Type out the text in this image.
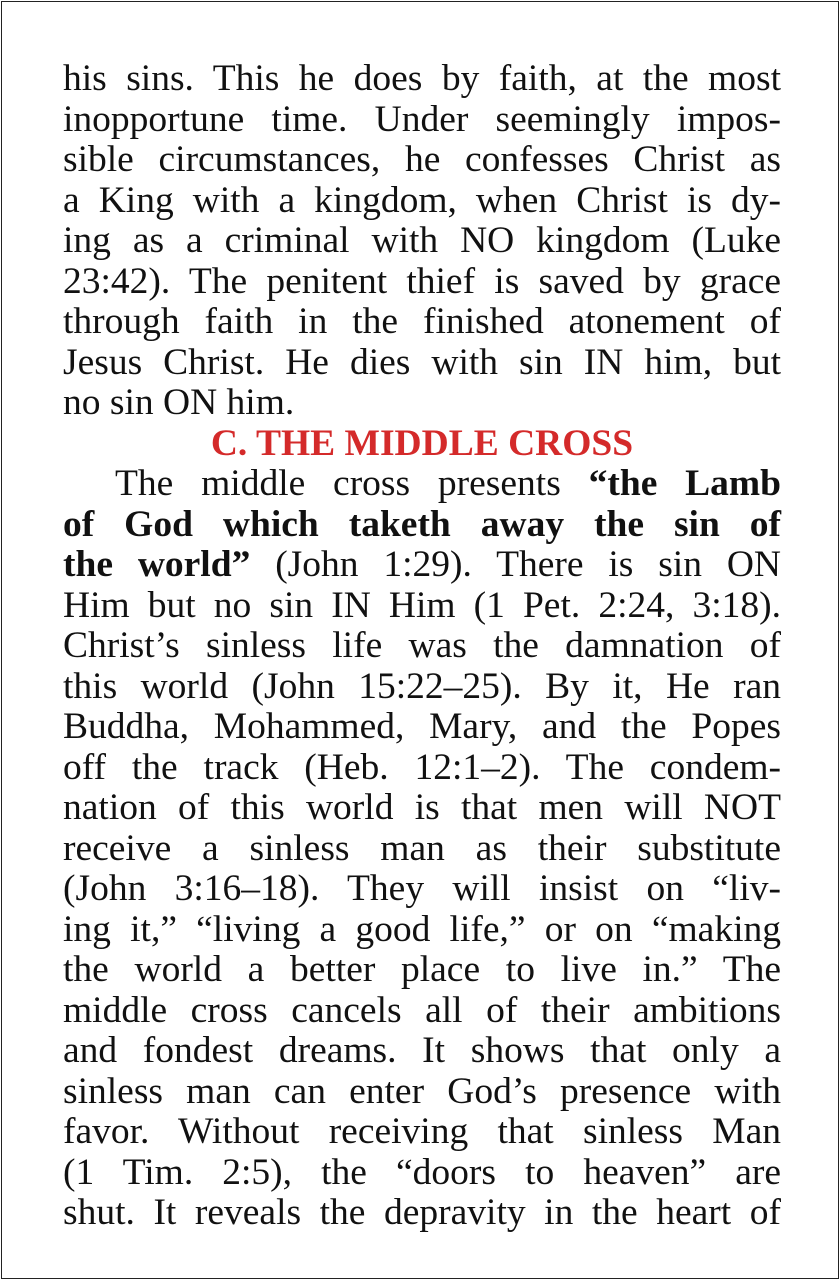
his sins. This he does by faith, at the most
inopportune time. Under seemingly impos-
sible circumstances, he confesses Christ as
a King with a kingdom, when Christ is dy-
ing as a criminal with NO kingdom (Luke
23:42). The penitent thief is saved by grace
through faith in the finished atonement of
Jesus Christ. He dies with sin IN him, but
no sin ON him.
C. THE MIDDLE CROSS
The middle cross presents “the Lamb
of God which taketh away the sin of
the world” (John 1:29). There is sin ON
Him but no sin IN Him (1 Pet. 2:24, 3:18).
Christ’s sinless life was the damnation of
this world (John 15:22–25). By it, He ran
Buddha, Mohammed, Mary, and the Popes
off the track (Heb. 12:1–2). The condem-
nation of this world is that men will NOT
receive a sinless man as their substitute
(John 3:16–18). They will insist on “liv-
ing it,” “living a good life,” or on “making
the world a better place to live in.” The
middle cross cancels all of their ambitions
and fondest dreams. It shows that only a
sinless man can enter God’s presence with
favor. Without receiving that sinless Man
(1 Tim. 2:5), the “doors to heaven” are
shut. It reveals the depravity in the heart of
